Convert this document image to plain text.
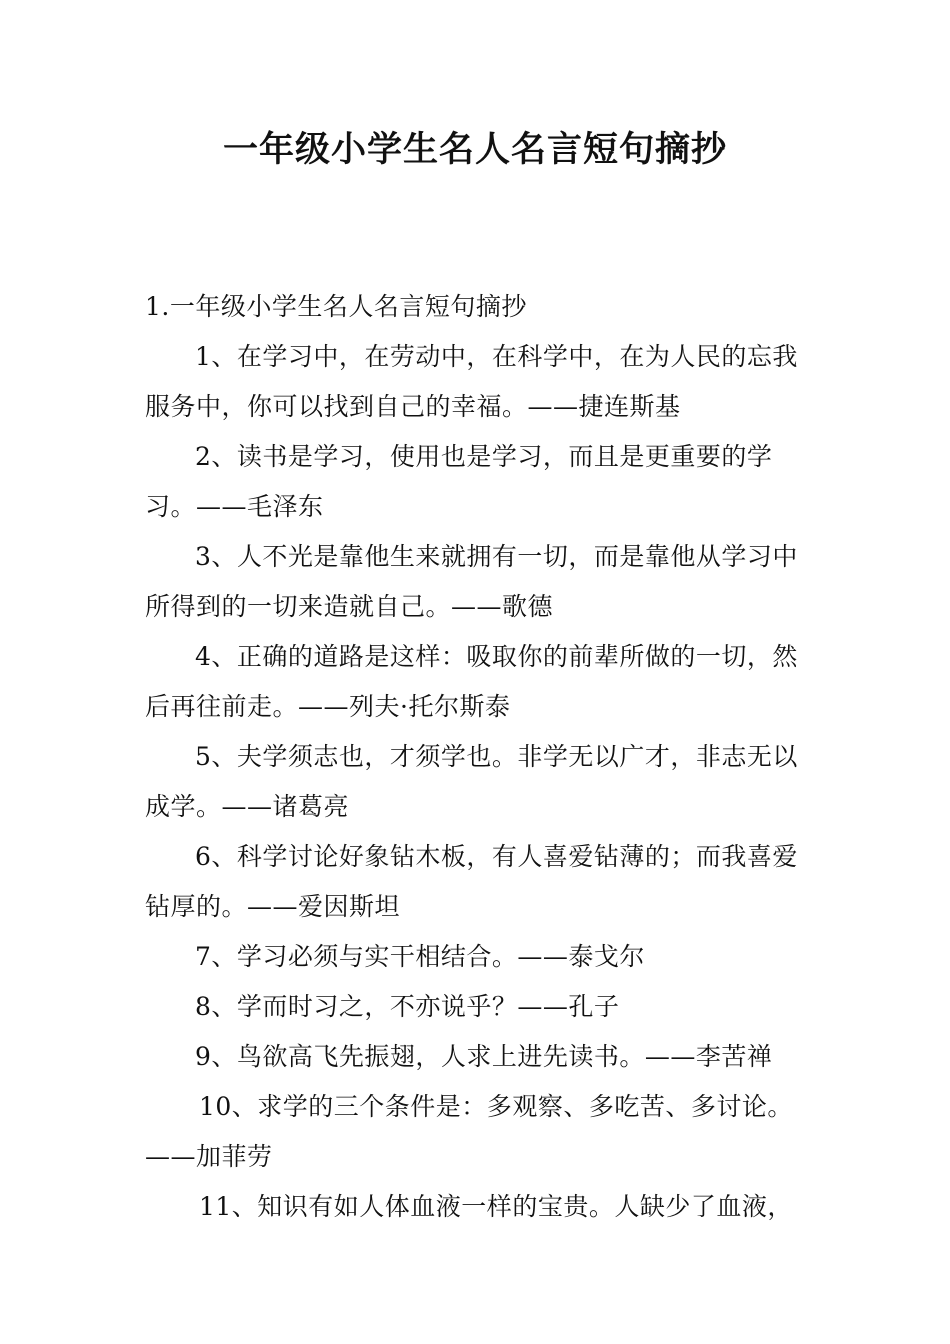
一年级小学生名人名言短句摘抄

1.一年级小学生名人名言短句摘抄

1、在学习中，在劳动中，在科学中，在为人民的忘我服务中，你可以找到自己的幸福。——捷连斯基

2、读书是学习，使用也是学习，而且是更重要的学习。——毛泽东

3、人不光是靠他生来就拥有一切，而是靠他从学习中所得到的一切来造就自己。——歌德

4、正确的道路是这样：吸取你的前辈所做的一切，然后再往前走。——列夫·托尔斯泰

5、夫学须志也，才须学也。非学无以广才，非志无以成学。——诸葛亮

6、科学讨论好象钻木板，有人喜爱钻薄的；而我喜爱钻厚的。——爱因斯坦

7、学习必须与实干相结合。——泰戈尔

8、学而时习之，不亦说乎？——孔子

9、鸟欲高飞先振翅，人求上进先读书。——李苦禅

10、求学的三个条件是：多观察、多吃苦、多讨论。——加菲劳

11、知识有如人体血液一样的宝贵。人缺少了血液，
